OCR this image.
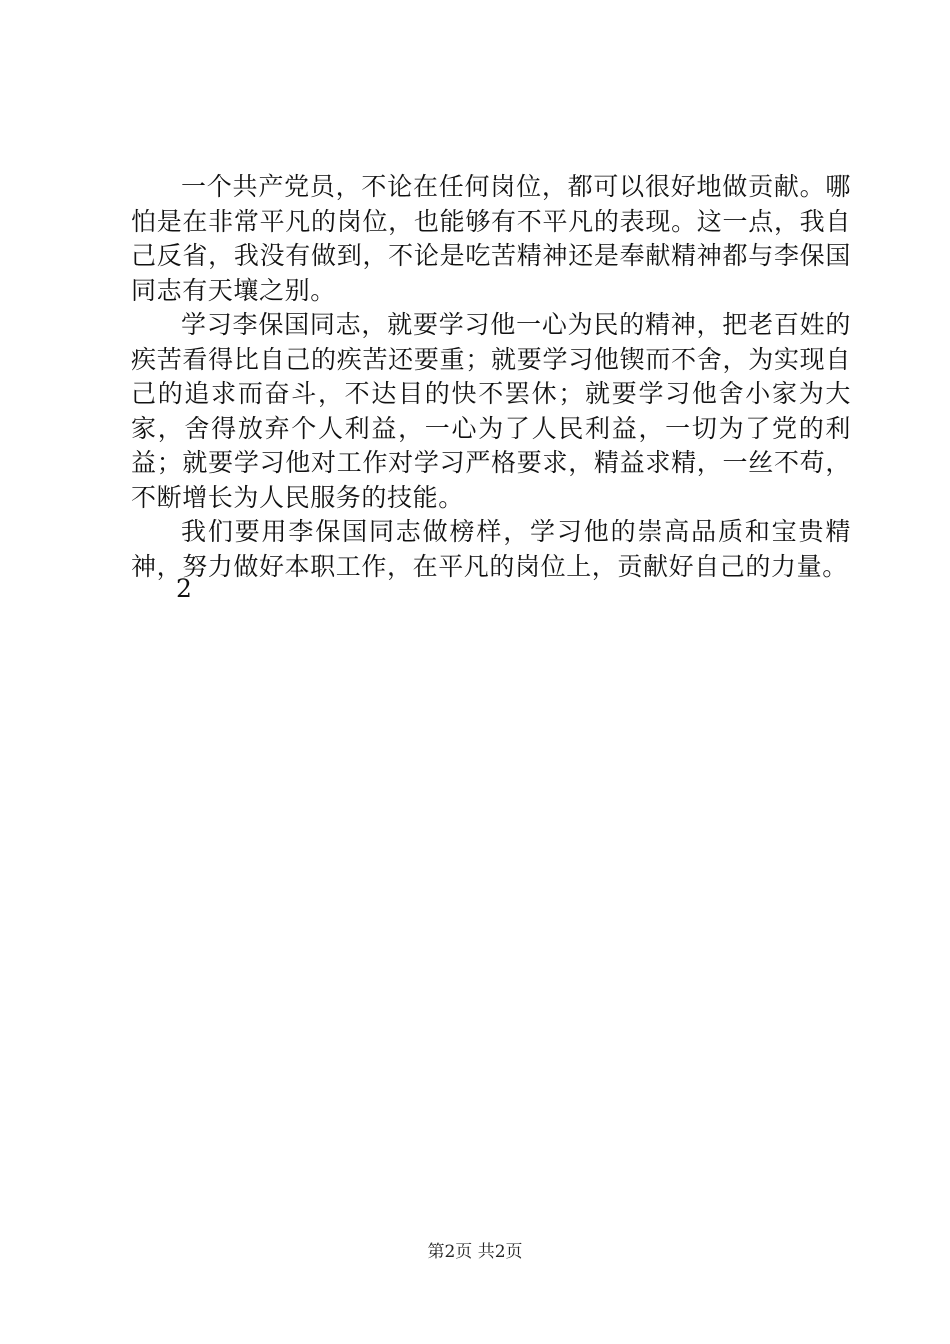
一个共产党员，不论在任何岗位，都可以很好地做贡献。哪怕是在非常平凡的岗位，也能够有不平凡的表现。这一点，我自己反省，我没有做到，不论是吃苦精神还是奉献精神都与李保国同志有天壤之别。

学习李保国同志，就要学习他一心为民的精神，把老百姓的疾苦看得比自己的疾苦还要重；就要学习他锲而不舍，为实现自己的追求而奋斗，不达目的快不罢休；就要学习他舍小家为大家，舍得放弃个人利益，一心为了人民利益，一切为了党的利益；就要学习他对工作对学习严格要求，精益求精，一丝不苟，不断增长为人民服务的技能。

我们要用李保国同志做榜样，学习他的崇高品质和宝贵精神，努力做好本职工作，在平凡的岗位上，贡献好自己的力量。

2
第2页 共2页
